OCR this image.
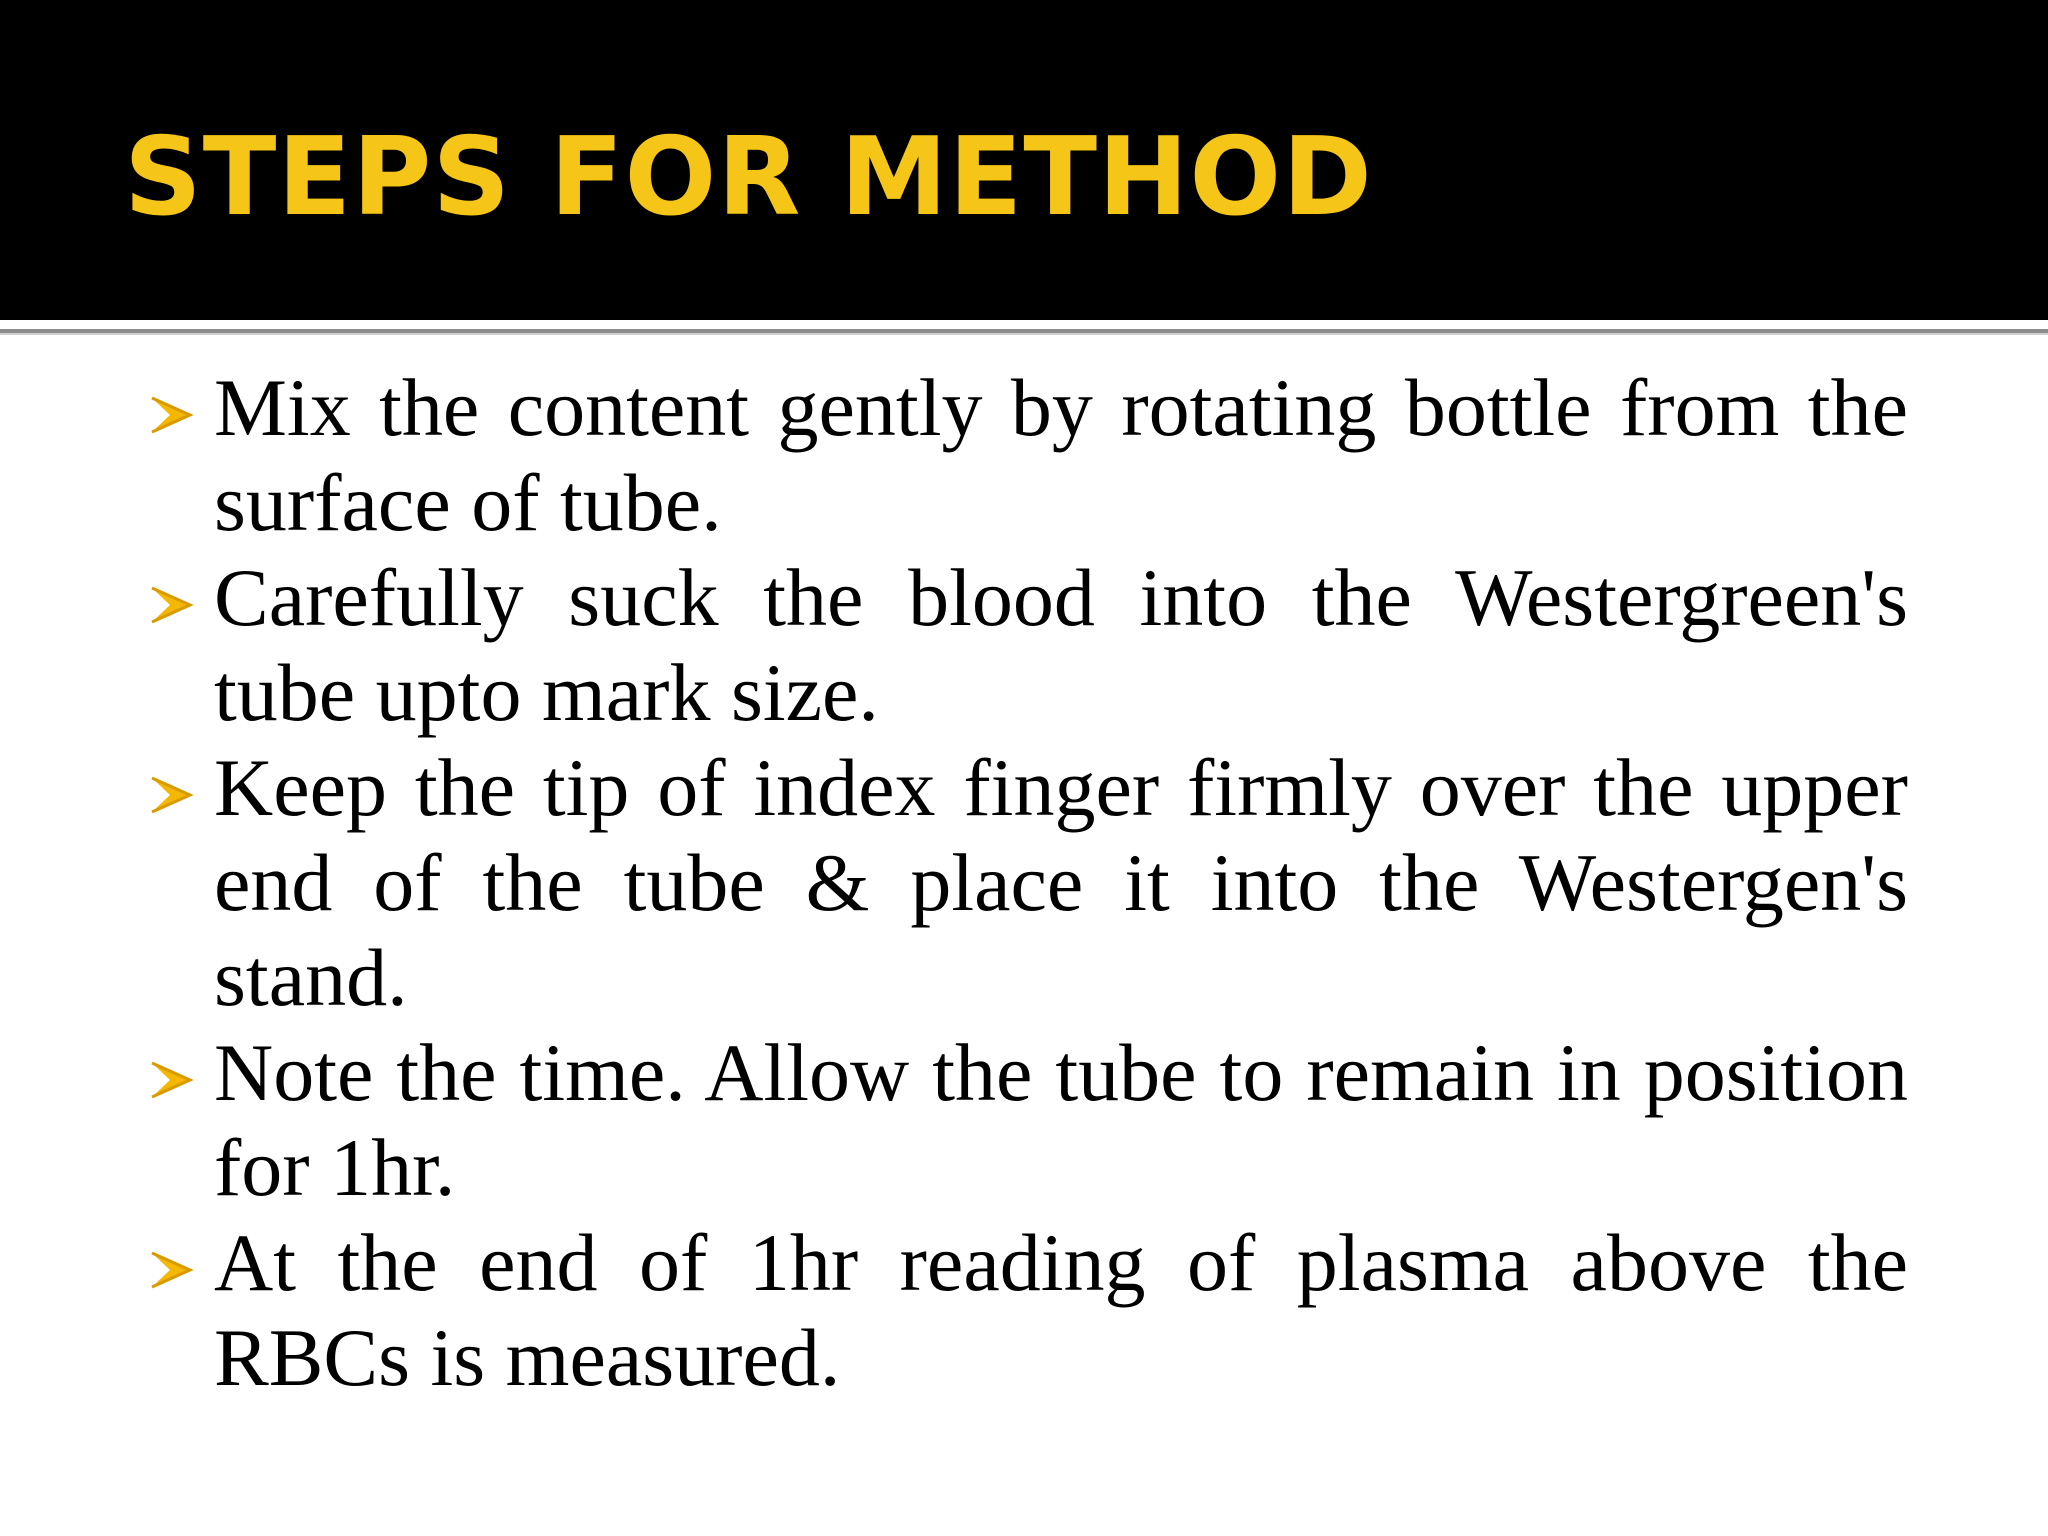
STEPS FOR METHOD
Mix the content gently by rotating bottle from the surface of tube.
Carefully suck the blood into the Westergreen's tube upto mark size.
Keep the tip of index finger firmly over the upper end of the tube & place it into the Westergen's stand.
Note the time. Allow the tube to remain in position for 1hr.
At the end of 1hr reading of plasma above the RBCs is measured.
